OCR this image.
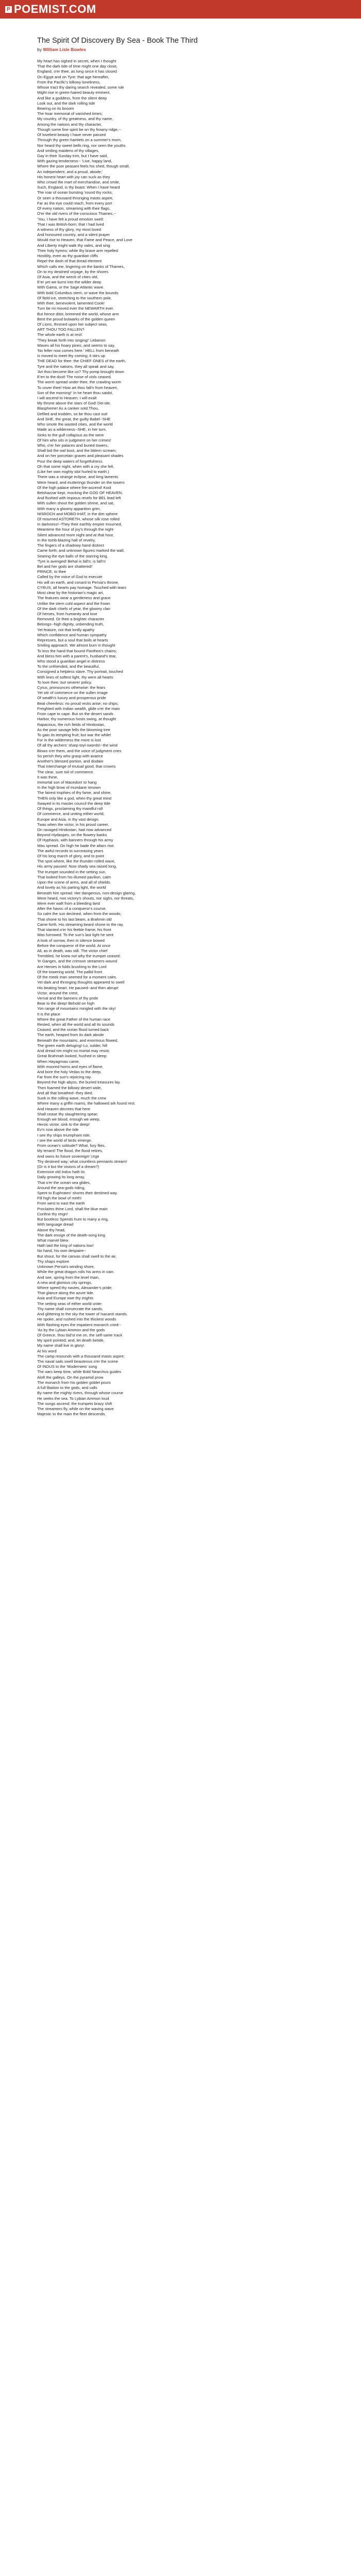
P POEMIST.COM
The Spirit Of Discovery By Sea - Book The Third
by William Lisle Bowles
My heart has sighed in secret, when I thought
That the dark tide of time might one day close,
England, o'er thee, as long since it has closed
On Egypt and on Tyre: that age hereafter,
From the Pacific's billowy loneliness,
Whose tract thy daring search revealed, some isle
Might rise in green-haired beauty eminent,
And like a goddess, from the silent deep
Look out, and the dark rolling tide
Bearing on its bosom
The hoar memorial of vanished times;
My country, of thy greatness, and thy name,
Among the nations and thy character,
Though some fine spirit be on thy frowny ridge,--
Of loveliest beauty I have never passed
Through thy green hamlets on a summer's morn,
Nor heard thy sweet bells ring, nor seen the youths
And smiling maidens of thy villages,
Gay in their Sunday trim, but I have said,
With gazing tenderness-- 'Live, happy land,
Where the poor peasant feels his shed, though small,
An independent, and a proud, abode;'
His honest heart with joy can suck as they
Who crowd the mart of merchandise, and smile,
Such, England, is thy boast: When I have heard
The roar of ocean bursting 'round thy rocks,
Or seen a thousand thronging masts aspire,
Far as the eye could reach, from every port
Of every nation, streaming with their flags,
O'er the old rivers of the conscious Thames,--
'You, I have felt a proud emotion swell:
That I was British-born; that I had lived
A witness of thy glory, my most loved
And honoured country, and a silent prayer
Would rise to Heaven, that Fame and Peace, and Love
And Liberty might walk thy vales, and sing
Their holy hymns; while thy brave arm repelled
Hostility, even as thy guardian cliffs
Repel the dash of that dread element
Which calls me, lingering on the banks of Thames,
On to my destined voyage, by the shores
Of Asia, and the wreck of cities old,
E'er yet we burst into the wilder deep
With Gama, or the Sage Atlantic wave.
With bold Columbus stern, or wave the bounds
Of field-ice, stretching to the southern pole,
With thee, benevolent, lamented Cook!
Turn be mi moved ever the NEWARTH ever.
But hence ditor, brimmed the world, whose arm
Bent the proud bulwarks of the golden queen
Of Lions, throned upon her subject seas,
ART THOU TOO FALLEN?
The whole earth is at rest!
'They break forth into singing!' Lebanon
Waves all his hoary pines, and seems to say,
'No feller now comes here.' HELL from beneath
Is moved to meet thy coming; it stirs up
THE DEAD for thee: the CHIEF ONES of the earth,
Tyre and the nations, they all speak and say,
'Art thou become like us? Thy pomp brought down
E'en to the dust! The noise of viols ceased.
The worm spread under thee, the crawling worm
To cover thee! How art thou fall'n from heaven,
Son of the morning!' In he heart thou saidst,
I will ascend to Heaven; I will exalt
My throne above the stars of God! Dei-ide,
Blaspheme! As a canker sold.Thou,
Defiled and trodden, so be thou cast out!
And SHE, the great, the guilty Babel--SHE
Who smote the wasted cities, and the world
Made as a wilderness--SHE, in her turn,
Sinks to the gulf collapsus as the were
Of him who sits in judgment on her crimes!
Who, o'er her palaces and buried towers,
Shall bid the owl boot, and the bittern scream;
And on her porcelain graves and pleasant shades
Pour the deep waters of forgetfulness.
Oh that some night, when with a cry she fell,
(Like her own mighty idol hurled to earth.)
There was a strange eclipse, and long laments
Were heard, and mutterings thunder on the towers
Of the high palace where fire-ascend! Kool
Belshazzar kept, mocking the GOD OF HEAVEN,
And flushed with impious revels for BEL lead left
With sullen shout the golden shrine, and sat,
With many a gloomy apparition grim,
NISROCH and MOBO-IHAT, in the dim sphere
Of mourned ASTORETH, whose silk rose rolled
In darkness!--They their earthly empire mourned,
Meantime the hour of joy's through the night
Silent advanced more night and at that hour,
In the tomb-blazing hall of revelry,
The fingers of a shadowy hand distinct
Came forth; and unknown figures marked the wall,
Searing the eye balls of the starring king.
'Tyre is avenged! Behal is fall'n; is fall'n!
Bel and her gods are shattered!'
PRINCE, to thee
Called by the voice of God to execute
His will on earth, and conard to Persia's throne,
CYRUS, all hearts pay homage. Touched with tears
Most clear by the historian's magic art,
The features wear a gentleness and grace
Unlike the stern cold aspect and the frown
Of the dark chiefs of year, the gloomy clan
Of heroes, from humanity and love
Removed. Or thee a brighter character
Belongs--high dignity, unbending truth,
Yet feature, not that lordly apathy
Which confidence and human sympathy
Represses, but a soul that boils at hearts
Smiling approach. We almost burn in thought
To kiss the hand that bound Panthea's chains;
And bless him with a parent's, husband's tear,
Who stood a guardian angel in distress
To the unfriended, and the beautiful,
Consigned a helpless slave. Thy portrait, touched
With lines of softest light, thy were all hearts
To love thee; but severer policy,
Cyrus, pronounces otherwise: the fears
Yet stir of commerce on the sullen image
Of wealth's luxury and prosperous pride
Beat cheerless: no proud recks arise; no ships,
Freighted with Indian wealth, glide o'er the main
From cape to cape. But on the desert sands
Harbor, thy numerous hosts swing, at thought
Rapacious, the rich fields of Hindostan,
As the poor savage fells the blooming tree
To gain its tempting fruit; but war the while!
For in the wilderness the more is lost
Of all thy archers' sharp toyl-swords!--the wind
Blows o'er them, and the voice of judgment cries
So perish they who grasp with avarice
Another's blessed portion, and disdain
That interchange of mutual good, that crowns
The clear, sure toil of commerce.
It was thine,
Immortal son of Macedon! to hang
In the high brow of mundane renown
The fairest trophies of thy fame, and shine,
THEN only like a god, when thy great mind
Swayed in its master council the deep tide
Of things, proclaiming thy mandful roll
Of commerce, and uniting either world,
Europe and Asia, in thy vast design.
Twas when the victor, in his proud career,
On ravaged Hindostan, had now advanced
Beyond Hydaspes, on the flowery banks
Of Hyphasis, with banners through his army
Was spread. On high he bade the altars rise.
The awful records to surceasing years
Of his long march of glory, and to point
The spot where, like the thunder-rolled wave,
His army paused. Now shady sea raised long,
The trumpet sounded in the setting sun,
That looked from his illumed pavilion, calm
Upon the scene of arms, and all of shields.
And lovely as his parting light, the world
Beneath him spread. Her dangerous, non-design glaring,
Were heard, non victory's shouts, nor sighs, nor threats,
Were ever waft from a bleeding land
After the havoc of a conqueror's course.
So calm the sun declined, when from the woods,
That shone to his last beam, a Brahmin old
Came forth. His streaming beard shone to the ray.
That slanted o'er his feeble frame; his front
Was furrowed. To the sun's last light he sent
A look of sorrow, then in silence bowed
Before the conqueror of the world. At once
All, as in death, was still. The victor chief
Trembled, he knew not why the trumpet ceased;
'In Ganges, and the crimson streamers wound
Are Heroes in folds brushing to the Lord
Of the towering world. The pallid front
Of the meek man seemed for a moment calm,
Yet dark and thronging thoughts appeared to swell
His beating heart. He paused--and then abrupt:
Victor, around the crest,
Vernal and the banners of thy pride
Bear to the deep! Behold on high
Yon range of mountains mingled with the sky!
It is the place
Where the great Father of the human race
Rested, when all the world and all its sounds
Ceased, and the ocean flood turned back
The earth, heaped from its dark abode
Beneath the mountains, and enormous flowed,
The green earth deluging!-Lo, solder, hill
And dread rim might no mortal may resist;
Great Brahmah looked, hushed in sleep;
When Hayagrivas came,
With moored horns and eyes of flame,
And bore the holy Vedas to the deep,
Far from the sun's rejoicing ray.
Beyond the high abyss, the buried treasures lay.
Then foamed the billowy desert wide,
And all that breathed--they died;
Sunk in the rolling wave, much the crew
Where many a griffin roams, the hallowed ark found rest.
And Heaven decrees that here
Shall cease thy slaughtering spear;
Enough we blood, enough we weep,
Heroic victor, sink to the deep!
Ev'n now above the tide
I see thy ships triumphant ride;
I see the world of birds emerge.
From ocean's solitude? What, fury flies.
My tenant! The flood, the flood retires,
And owns its future sovereign! Urge
Thy destined way; what countless pennants stream!
(Or is it but the visions of a dream?)
Extensive old Indus hath its
Daily growing its long array,
That o'er the ocean sea glides,
Around the sea-gods riding,
Spent to Euphrates' shores their destined way.
Fill high the bowl of mirth!
From west to east the earth
Proclaims thine Lord, shall the blue main
Confine thy reign!
But bootless Spends hum to many a ring,
With language dread
Above thy head,
The dark ensign of the death-song king.
What marvel blew
Hath laid the king of nations low!
No hand, his own despaire--
But shout, for the canvas shall swell to the air,
Thy shaps explore
Unknown Persia's winding shore,
While the great dragon rolls his arms in vain.
And see, spring from the level main,
A new and glorious city springs,
Where speed thy navies, Alexander's pride;
That glance along the azure tide.
Asia and Europe owe thy mights
The setting seas of either world unite:
Thy name shall consecrate the sands,
And glittering to the sky the tower of Isacanti stands.
He spoke, and rushed into the thickest woods
With flashing eyes the impatient monarch cried--
'As by the Lybian Ammon and the gods
Of Greece, thou bid'st me on, the self-same track
My spirit pointed; and, let death betide,
My name shall live in glory!
At his word
The camp resounds with a thousand masts aspire;
The naval sails swell beauteous o'er the scene
Of INDUS to the 'Moderniets' song
The oars keep time, while Bold Nearchus guides
Aloft the galleys. On the pyramid prow
The monarch from his golden goblet pours
A full libation to the gods, and calls
By name the mighty rivers, through whose course
He seeks the sea. To Lybian Ammon loud
The songs ascend: the trumpets brazy shift
The streamers fly, while on the waving wave
Majestic to the main the fleet descends.
